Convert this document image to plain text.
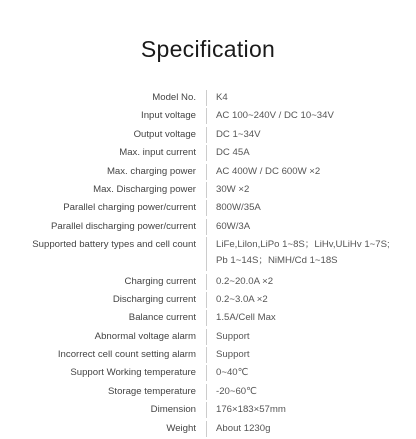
Specification
Model No.	K4
Input voltage	AC 100~240V / DC 10~34V
Output voltage	DC 1~34V
Max. input current	DC 45A
Max. charging power	AC 400W / DC 600W ×2
Max. Discharging power	30W ×2
Parallel charging power/current	800W/35A
Parallel discharging power/current	60W/3A
Supported battery types and cell count	LiFe,Lilon,LiPo 1~8S；LiHv,ULiHv 1~7S;
Pb 1~14S；NiMH/Cd 1~18S
Charging current	0.2~20.0A ×2
Discharging current	0.2~3.0A ×2
Balance current	1.5A/Cell Max
Abnormal voltage alarm	Support
Incorrect cell count setting alarm	Support
Support Working temperature	0~40℃
Storage temperature	-20~60℃
Dimension	176×183×57mm
Weight	About 1230g
